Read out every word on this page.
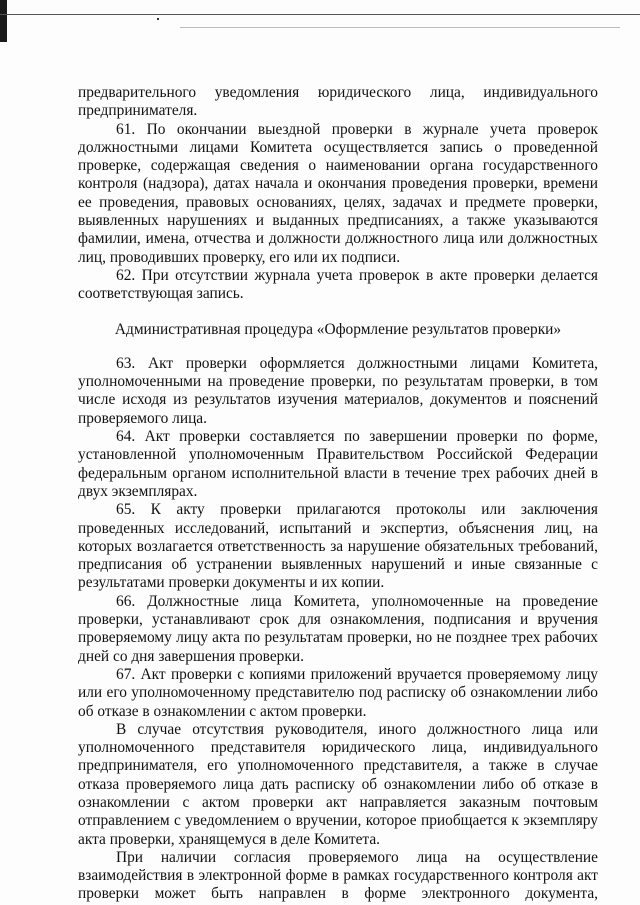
предварительного уведомления юридического лица, индивидуального предпринимателя.

61. По окончании выездной проверки в журнале учета проверок должностными лицами Комитета осуществляется запись о проведенной проверке, содержащая сведения о наименовании органа государственного контроля (надзора), датах начала и окончания проведения проверки, времени ее проведения, правовых основаниях, целях, задачах и предмете проверки, выявленных нарушениях и выданных предписаниях, а также указываются фамилии, имена, отчества и должности должностного лица или должностных лиц, проводивших проверку, его или их подписи.

62. При отсутствии журнала учета проверок в акте проверки делается соответствующая запись.

Административная процедура «Оформление результатов проверки»

63. Акт проверки оформляется должностными лицами Комитета, уполномоченными на проведение проверки, по результатам проверки, в том числе исходя из результатов изучения материалов, документов и пояснений проверяемого лица.

64. Акт проверки составляется по завершении проверки по форме, установленной уполномоченным Правительством Российской Федерации федеральным органом исполнительной власти в течение трех рабочих дней в двух экземплярах.

65. К акту проверки прилагаются протоколы или заключения проведенных исследований, испытаний и экспертиз, объяснения лиц, на которых возлагается ответственность за нарушение обязательных требований, предписания об устранении выявленных нарушений и иные связанные с результатами проверки документы и их копии.

66. Должностные лица Комитета, уполномоченные на проведение проверки, устанавливают срок для ознакомления, подписания и вручения проверяемому лицу акта по результатам проверки, но не позднее трех рабочих дней со дня завершения проверки.

67. Акт проверки с копиями приложений вручается проверяемому лицу или его уполномоченному представителю под расписку об ознакомлении либо об отказе в ознакомлении с актом проверки.

В случае отсутствия руководителя, иного должностного лица или уполномоченного представителя юридического лица, индивидуального предпринимателя, его уполномоченного представителя, а также в случае отказа проверяемого лица дать расписку об ознакомлении либо об отказе в ознакомлении с актом проверки акт направляется заказным почтовым отправлением с уведомлением о вручении, которое приобщается к экземпляру акта проверки, хранящемуся в деле Комитета.

При наличии согласия проверяемого лица на осуществление взаимодействия в электронной форме в рамках государственного контроля акт проверки может быть направлен в форме электронного документа,
